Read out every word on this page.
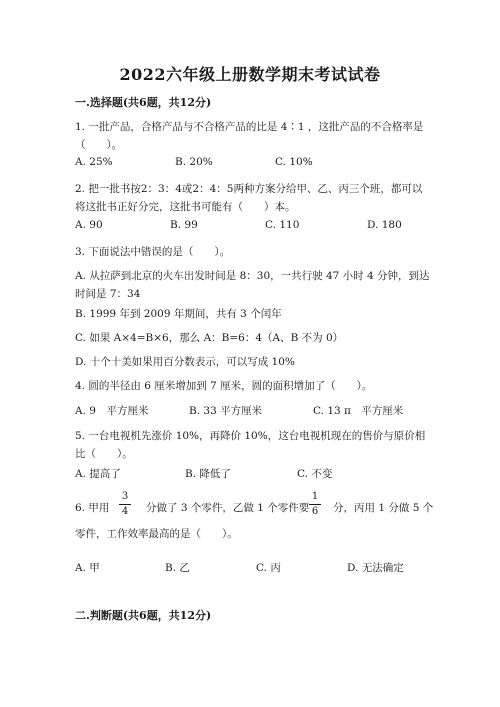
2022六年级上册数学期末考试试卷
一.选择题(共6题，共12分)
1. 一批产品，合格产品与不合格产品的比是 4∶1 ，这批产品的不合格率是（　　）。
A. 25%	B. 20%	C. 10%
2. 把一批书按2：3：4或2：4：5两种方案分给甲、乙、丙三个班，都可以将这批书正好分完，这批书可能有（　　）本。
A. 90	B. 99	C. 110	D. 180
3. 下面说法中错误的是（　　）。
A. 从拉萨到北京的火车出发时间是 8：30，一共行驶 47 小时 4 分钟，到达时间是 7：34
B. 1999 年到 2009 年期间，共有 3 个闰年
C. 如果 A×4=B×6，那么 A：B=6：4（A、B 不为 0）
D. 十个十美如果用百分数表示，可以写成 10%
4. 圆的半径由 6 厘米增加到 7 厘米，圆的面积增加了（　　）。
A. 9　平方厘米	B. 33 平方厘米	C. 13 π　平方厘米
5. 一台电视机先涨价 10%，再降价 10%，这台电视机现在的售价与原价相比（　　）。
A. 提高了	B. 降低了	C. 不变
6. 甲用
3
4 分做了 3 个零件，乙做 1 个零件要
1
6 分，丙用 1 分做 5 个
零件，工作效率最高的是（　　）。
A. 甲	B. 乙	C. 丙	D. 无法确定
二.判断题(共6题，共12分)
